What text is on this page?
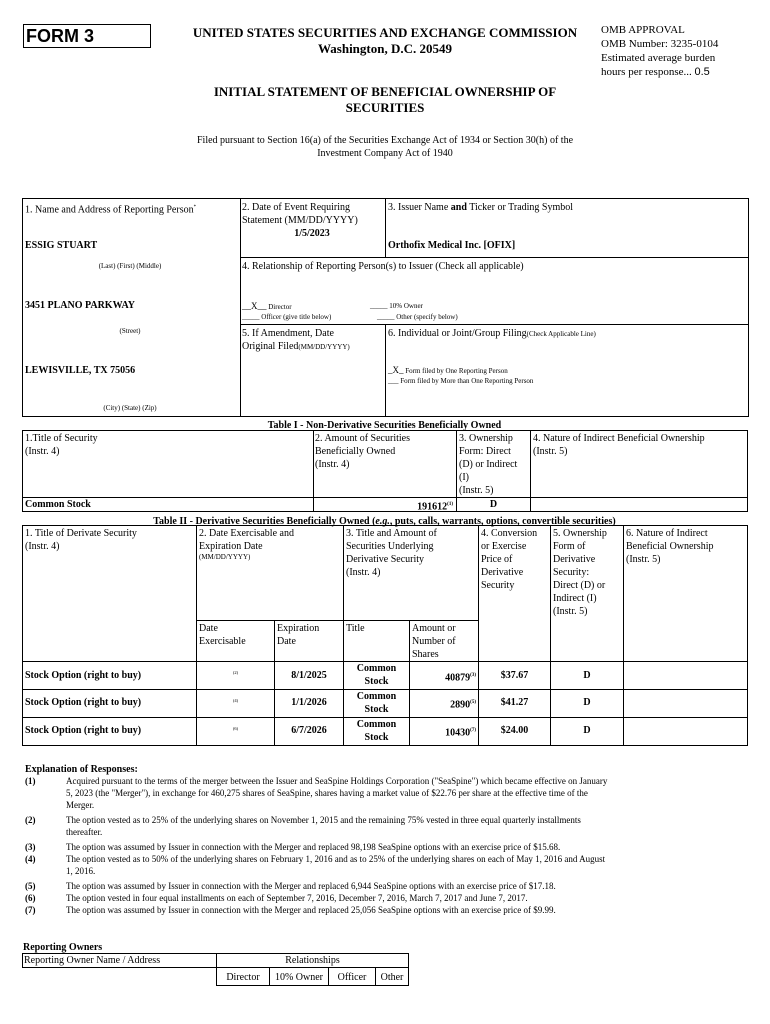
FORM 3	UNITED STATES SECURITIES AND EXCHANGE COMMISSION
Washington, D.C. 20549
OMB APPROVAL
OMB Number: 3235-0104
Estimated average burden
hours per response... 0.5
INITIAL STATEMENT OF BENEFICIAL OWNERSHIP OF
SECURITIES
Filed pursuant to Section 16(a) of the Securities Exchange Act of 1934 or Section 30(h) of the
Investment Company Act of 1940
1. Name and Address of Reporting Person*
ESSIG STUART
(Last) (First) (Middle)
3451 PLANO PARKWAY
(Street)
LEWISVILLE, TX 75056
(City) (State) (Zip)
2. Date of Event Requiring
Statement (MM/DD/YYYY)
1/5/2023
3. Issuer Name and Ticker or Trading Symbol
Orthofix Medical Inc. [OFIX]
4. Relationship of Reporting Person(s) to Issuer (Check all applicable)
__X__ Director	_____ 10% Owner
_____ Officer (give title below)	_____ Other (specify below)
5. If Amendment, Date
Original Filed(MM/DD/YYYY)
6. Individual or Joint/Group Filing(Check Applicable Line)
_X_ Form filed by One Reporting Person
___ Form filed by More than One Reporting Person
Table I - Non-Derivative Securities Beneficially Owned
1.Title of Security
(Instr. 4)
2. Amount of Securities
Beneficially Owned
(Instr. 4)
3. Ownership
Form: Direct
(D) or Indirect
(I)
(Instr. 5)
4. Nature of Indirect Beneficial Ownership
(Instr. 5)
Common Stock	191612$^{(1)}$	D
Table II - Derivative Securities Beneficially Owned (e.g., puts, calls, warrants, options, convertible securities)
1. Title of Derivate Security
(Instr. 4)
2. Date Exercisable and
Expiration Date
(MM/DD/YYYY)
3. Title and Amount of
Securities Underlying
Derivative Security
(Instr. 4)
4. Conversion
or Exercise
Price of
Derivative
Security
5. Ownership
Form of
Derivative
Security:
Direct (D) or
Indirect (I)
(Instr. 5)
6. Nature of Indirect
Beneficial Ownership
(Instr. 5)
Date
Exercisable
Expiration
Date
Title	Amount or
Number of
Shares
Stock Option (right to buy)	(2)	8/1/2025
Common
Stock	40879$^{(3)}$	$37.67	D
Stock Option (right to buy)	(4)	1/1/2026
Common
Stock	2890$^{(5)}$	$41.27	D
Stock Option (right to buy)	(6)	6/7/2026
Common
Stock	10430$^{(7)}$	$24.00	D
Explanation of Responses:
(1)	Acquired pursuant to the terms of the merger between the Issuer and SeaSpine Holdings Corporation ("SeaSpine") which became effective on January
5, 2023 (the "Merger"), in exchange for 460,275 shares of SeaSpine, shares having a market value of $22.76 per share at the effective time of the
Merger.
(2)	The option vested as to 25% of the underlying shares on November 1, 2015 and the remaining 75% vested in three equal quarterly installments
thereafter.
(3)	The option was assumed by Issuer in connection with the Merger and replaced 98,198 SeaSpine options with an exercise price of $15.68.
(4)	The option vested as to 50% of the underlying shares on February 1, 2016 and as to 25% of the underlying shares on each of May 1, 2016 and August
1, 2016.
(5)	The option was assumed by Issuer in connection with the Merger and replaced 6,944 SeaSpine options with an exercise price of $17.18.
(6)	The option vested in four equal installments on each of September 7, 2016, December 7, 2016, March 7, 2017 and June 7, 2017.
(7)	The option was assumed by Issuer in connection with the Merger and replaced 25,056 SeaSpine options with an exercise price of $9.99.
Reporting Owners
Reporting Owner Name / Address	Relationships
Director	10% Owner	Officer	Other
